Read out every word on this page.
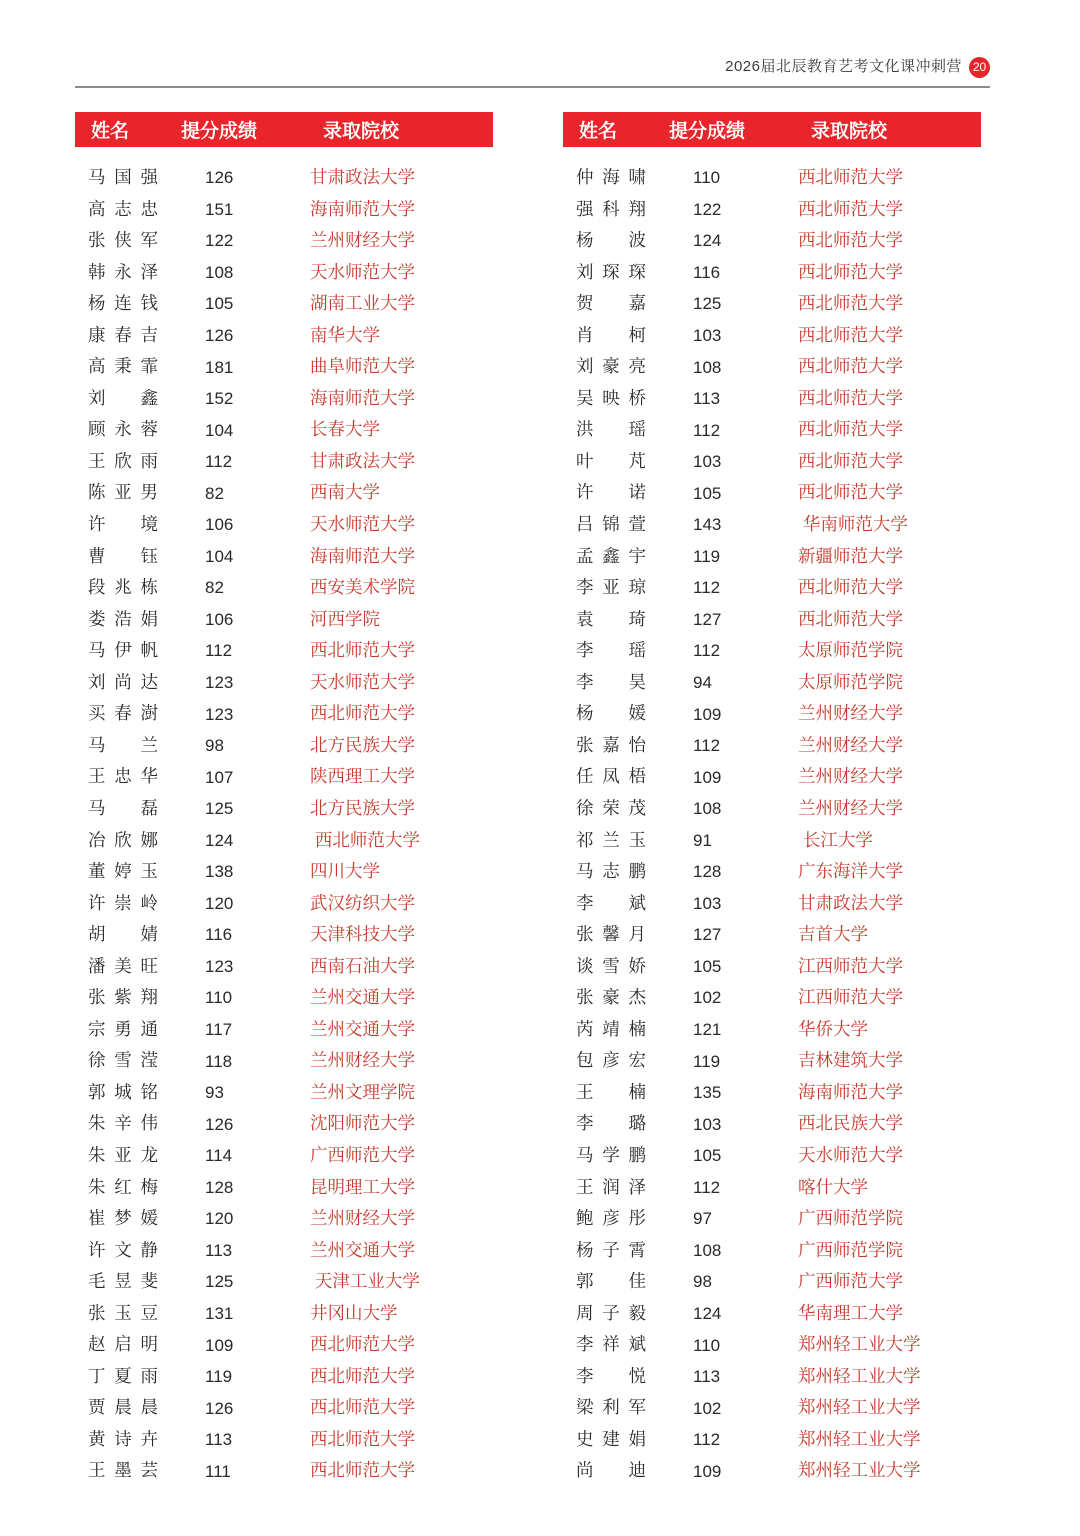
2026届北辰教育艺考文化课冲刺营 20
姓名	提分成绩	录取院校
马国强	126	甘肃政法大学
高志忠	151	海南师范大学
张侠军	122	兰州财经大学
韩永泽	108	天水师范大学
杨连钱	105	湖南工业大学
康春吉	126	南华大学
高秉霏	181	曲阜师范大学
刘鑫	152	海南师范大学
顾永蓉	104	长春大学
王欣雨	112	甘肃政法大学
陈亚男	82	西南大学
许境	106	天水师范大学
曹钰	104	海南师范大学
段兆栋	82	西安美术学院
娄浩娟	106	河西学院
马伊帆	112	西北师范大学
刘尚达	123	天水师范大学
买春澍	123	西北师范大学
马兰	98	北方民族大学
王忠华	107	陕西理工大学
马磊	125	北方民族大学
冶欣娜	124	西北师范大学
董婷玉	138	四川大学
许崇岭	120	武汉纺织大学
胡婧	116	天津科技大学
潘美旺	123	西南石油大学
张紫翔	110	兰州交通大学
宗勇通	117	兰州交通大学
徐雪滢	118	兰州财经大学
郭城铭	93	兰州文理学院
朱辛伟	126	沈阳师范大学
朱亚龙	114	广西师范大学
朱红梅	128	昆明理工大学
崔梦媛	120	兰州财经大学
许文静	113	兰州交通大学
毛昱斐	125	天津工业大学
张玉豆	131	井冈山大学
赵启明	109	西北师范大学
丁夏雨	119	西北师范大学
贾晨晨	126	西北师范大学
黄诗卉	113	西北师范大学
王墨芸	111	西北师范大学
姓名	提分成绩	录取院校
仲海啸	110	西北师范大学
强科翔	122	西北师范大学
杨波	124	西北师范大学
刘琛琛	116	西北师范大学
贺嘉	125	西北师范大学
肖柯	103	西北师范大学
刘豪亮	108	西北师范大学
吴映桥	113	西北师范大学
洪瑶	112	西北师范大学
叶芃	103	西北师范大学
许诺	105	西北师范大学
吕锦萱	143	华南师范大学
孟鑫宇	119	新疆师范大学
李亚琼	112	西北师范大学
袁琦	127	西北师范大学
李瑶	112	太原师范学院
李昊	94	太原师范学院
杨媛	109	兰州财经大学
张嘉怡	112	兰州财经大学
任凤梧	109	兰州财经大学
徐荣茂	108	兰州财经大学
祁兰玉	91	长江大学
马志鹏	128	广东海洋大学
李斌	103	甘肃政法大学
张馨月	127	吉首大学
谈雪娇	105	江西师范大学
张豪杰	102	江西师范大学
芮靖楠	121	华侨大学
包彦宏	119	吉林建筑大学
王楠	135	海南师范大学
李璐	103	西北民族大学
马学鹏	105	天水师范大学
王润泽	112	喀什大学
鲍彦彤	97	广西师范学院
杨子霄	108	广西师范学院
郭佳	98	广西师范大学
周子毅	124	华南理工大学
李祥斌	110	郑州轻工业大学
李悦	113	郑州轻工业大学
梁利军	102	郑州轻工业大学
史建娟	112	郑州轻工业大学
尚迪	109	郑州轻工业大学
